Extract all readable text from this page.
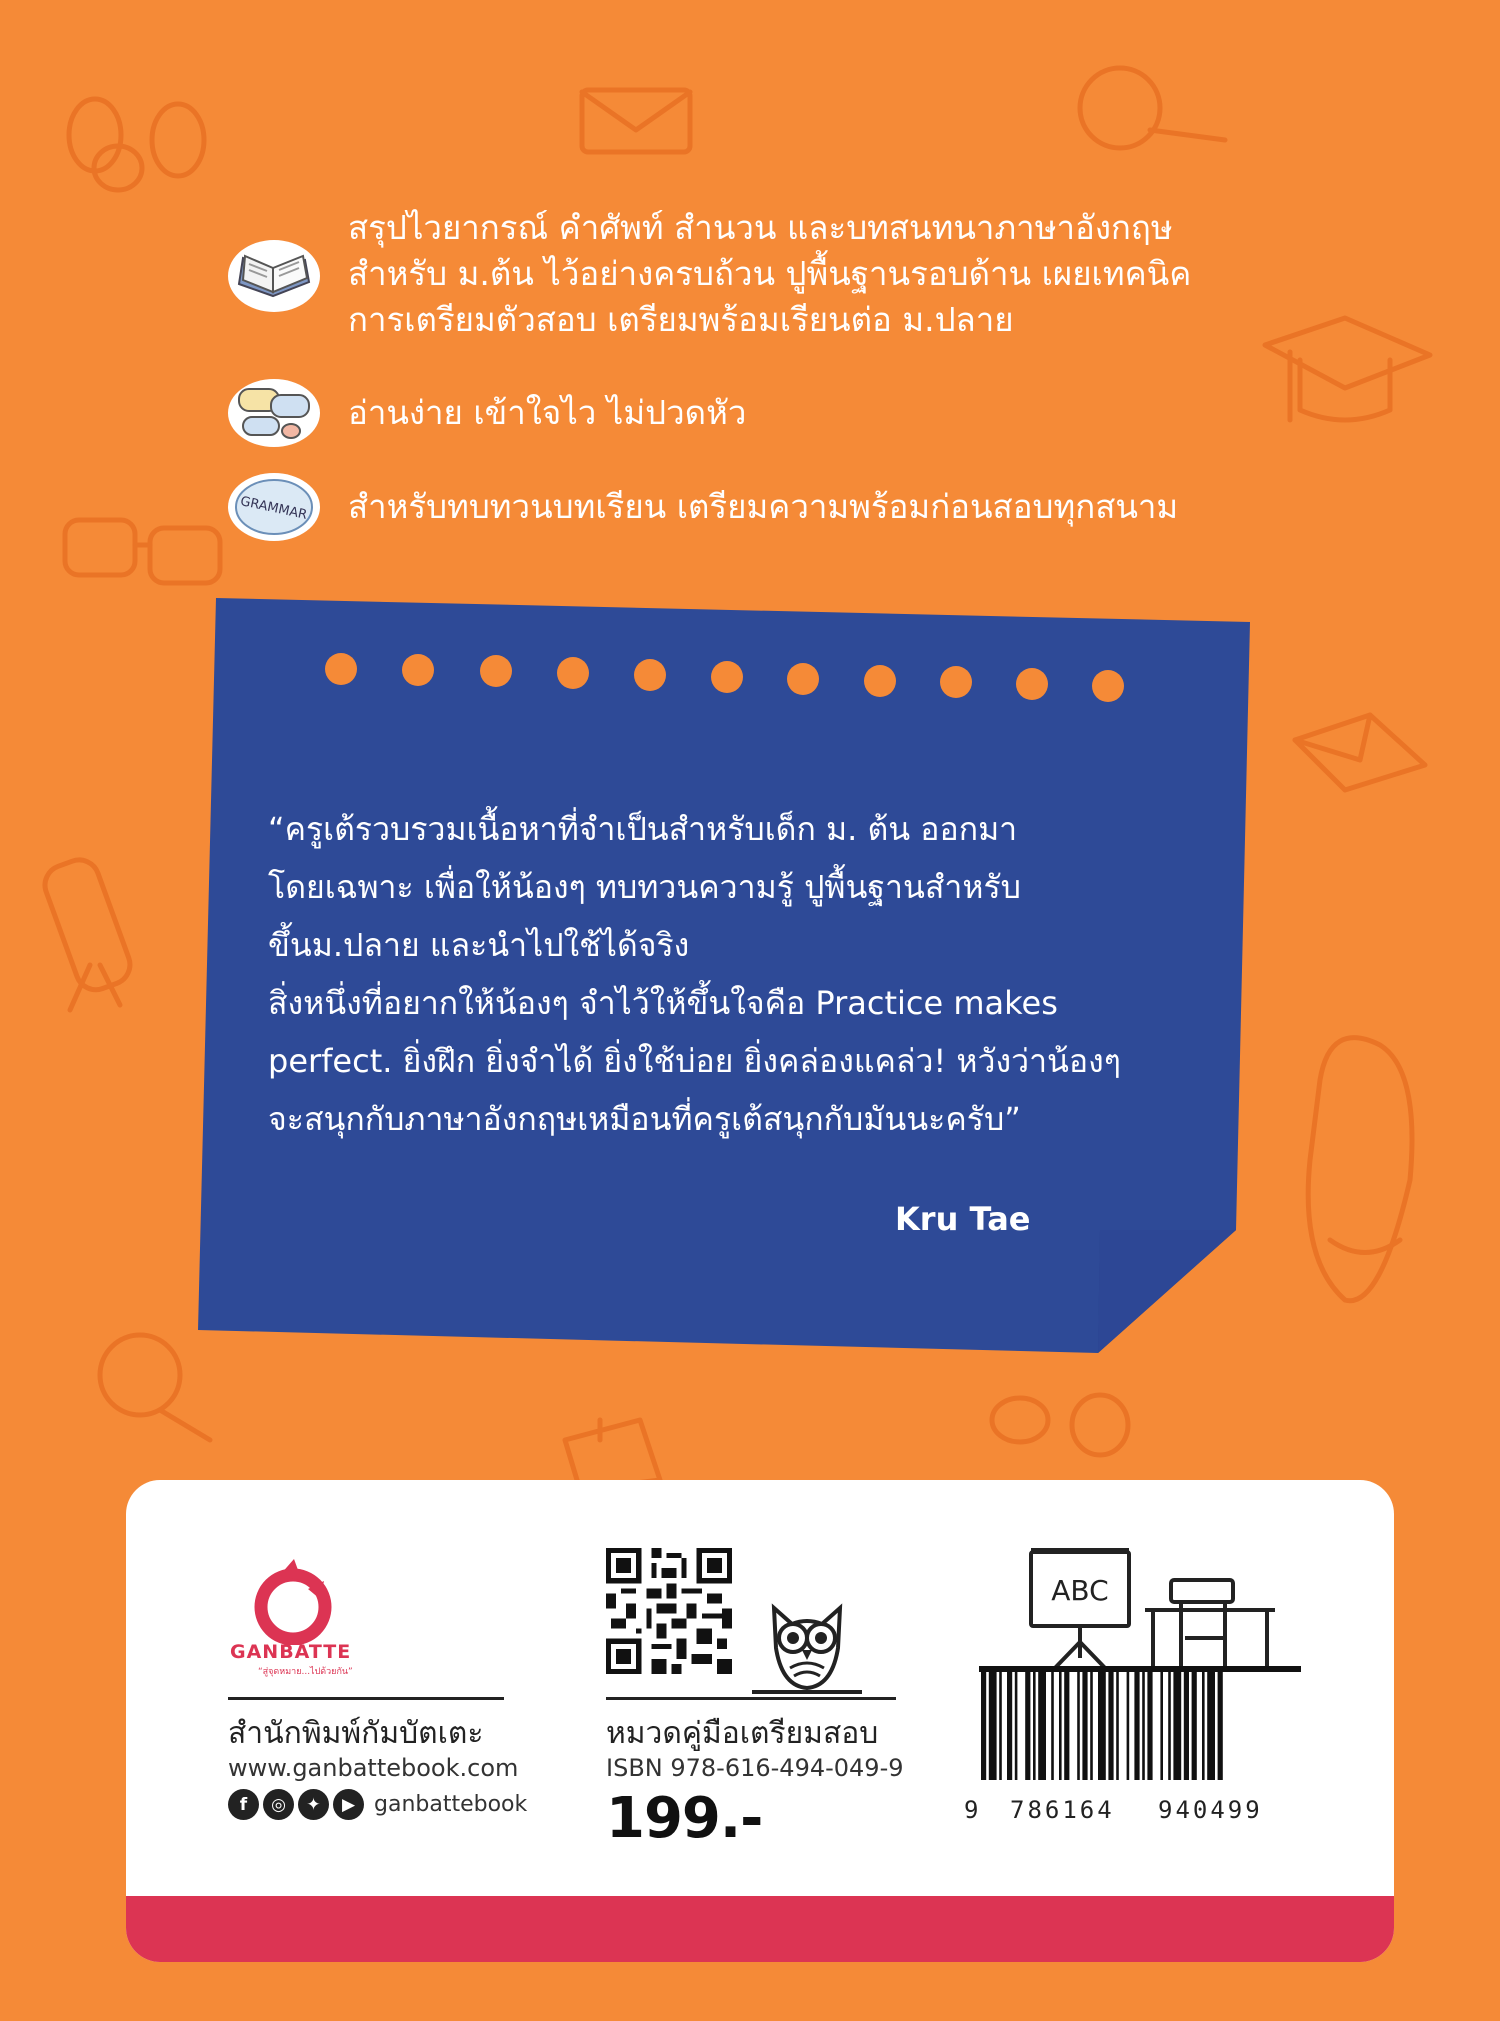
สรุปไวยากรณ์ คำศัพท์ สำนวน และบทสนทนาภาษาอังกฤษ
สำหรับ ม.ต้น ไว้อย่างครบถ้วน ปูพื้นฐานรอบด้าน เผยเทคนิค
การเตรียมตัวสอบ เตรียมพร้อมเรียนต่อ ม.ปลาย
อ่านง่าย เข้าใจไว ไม่ปวดหัว
GRAMMAR สำหรับทบทวนบทเรียน เตรียมความพร้อมก่อนสอบทุกสนาม
“ครูเต้รวบรวมเนื้อหาที่จำเป็นสำหรับเด็ก ม. ต้น ออกมา
โดยเฉพาะ เพื่อให้น้องๆ ทบทวนความรู้ ปูพื้นฐานสำหรับ
ขึ้นม.ปลาย และนำไปใช้ได้จริง
สิ่งหนึ่งที่อยากให้น้องๆ จำไว้ให้ขึ้นใจคือ Practice makes
perfect. ยิ่งฝึก ยิ่งจำได้ ยิ่งใช้บ่อย ยิ่งคล่องแคล่ว! หวังว่าน้องๆ
จะสนุกกับภาษาอังกฤษเหมือนที่ครูเต้สนุกกับมันนะครับ”
Kru Tae
GANBATTE
“สู่จุดหมาย...ไปด้วยกัน”
สำนักพิมพ์กัมบัตเตะ
www.ganbattebook.com
f	◎	✦	▶ ganbattebook
หมวดคู่มือเตรียมสอบ
ISBN 978-616-494-049-9
199.-
ABC
9 786164 940499
